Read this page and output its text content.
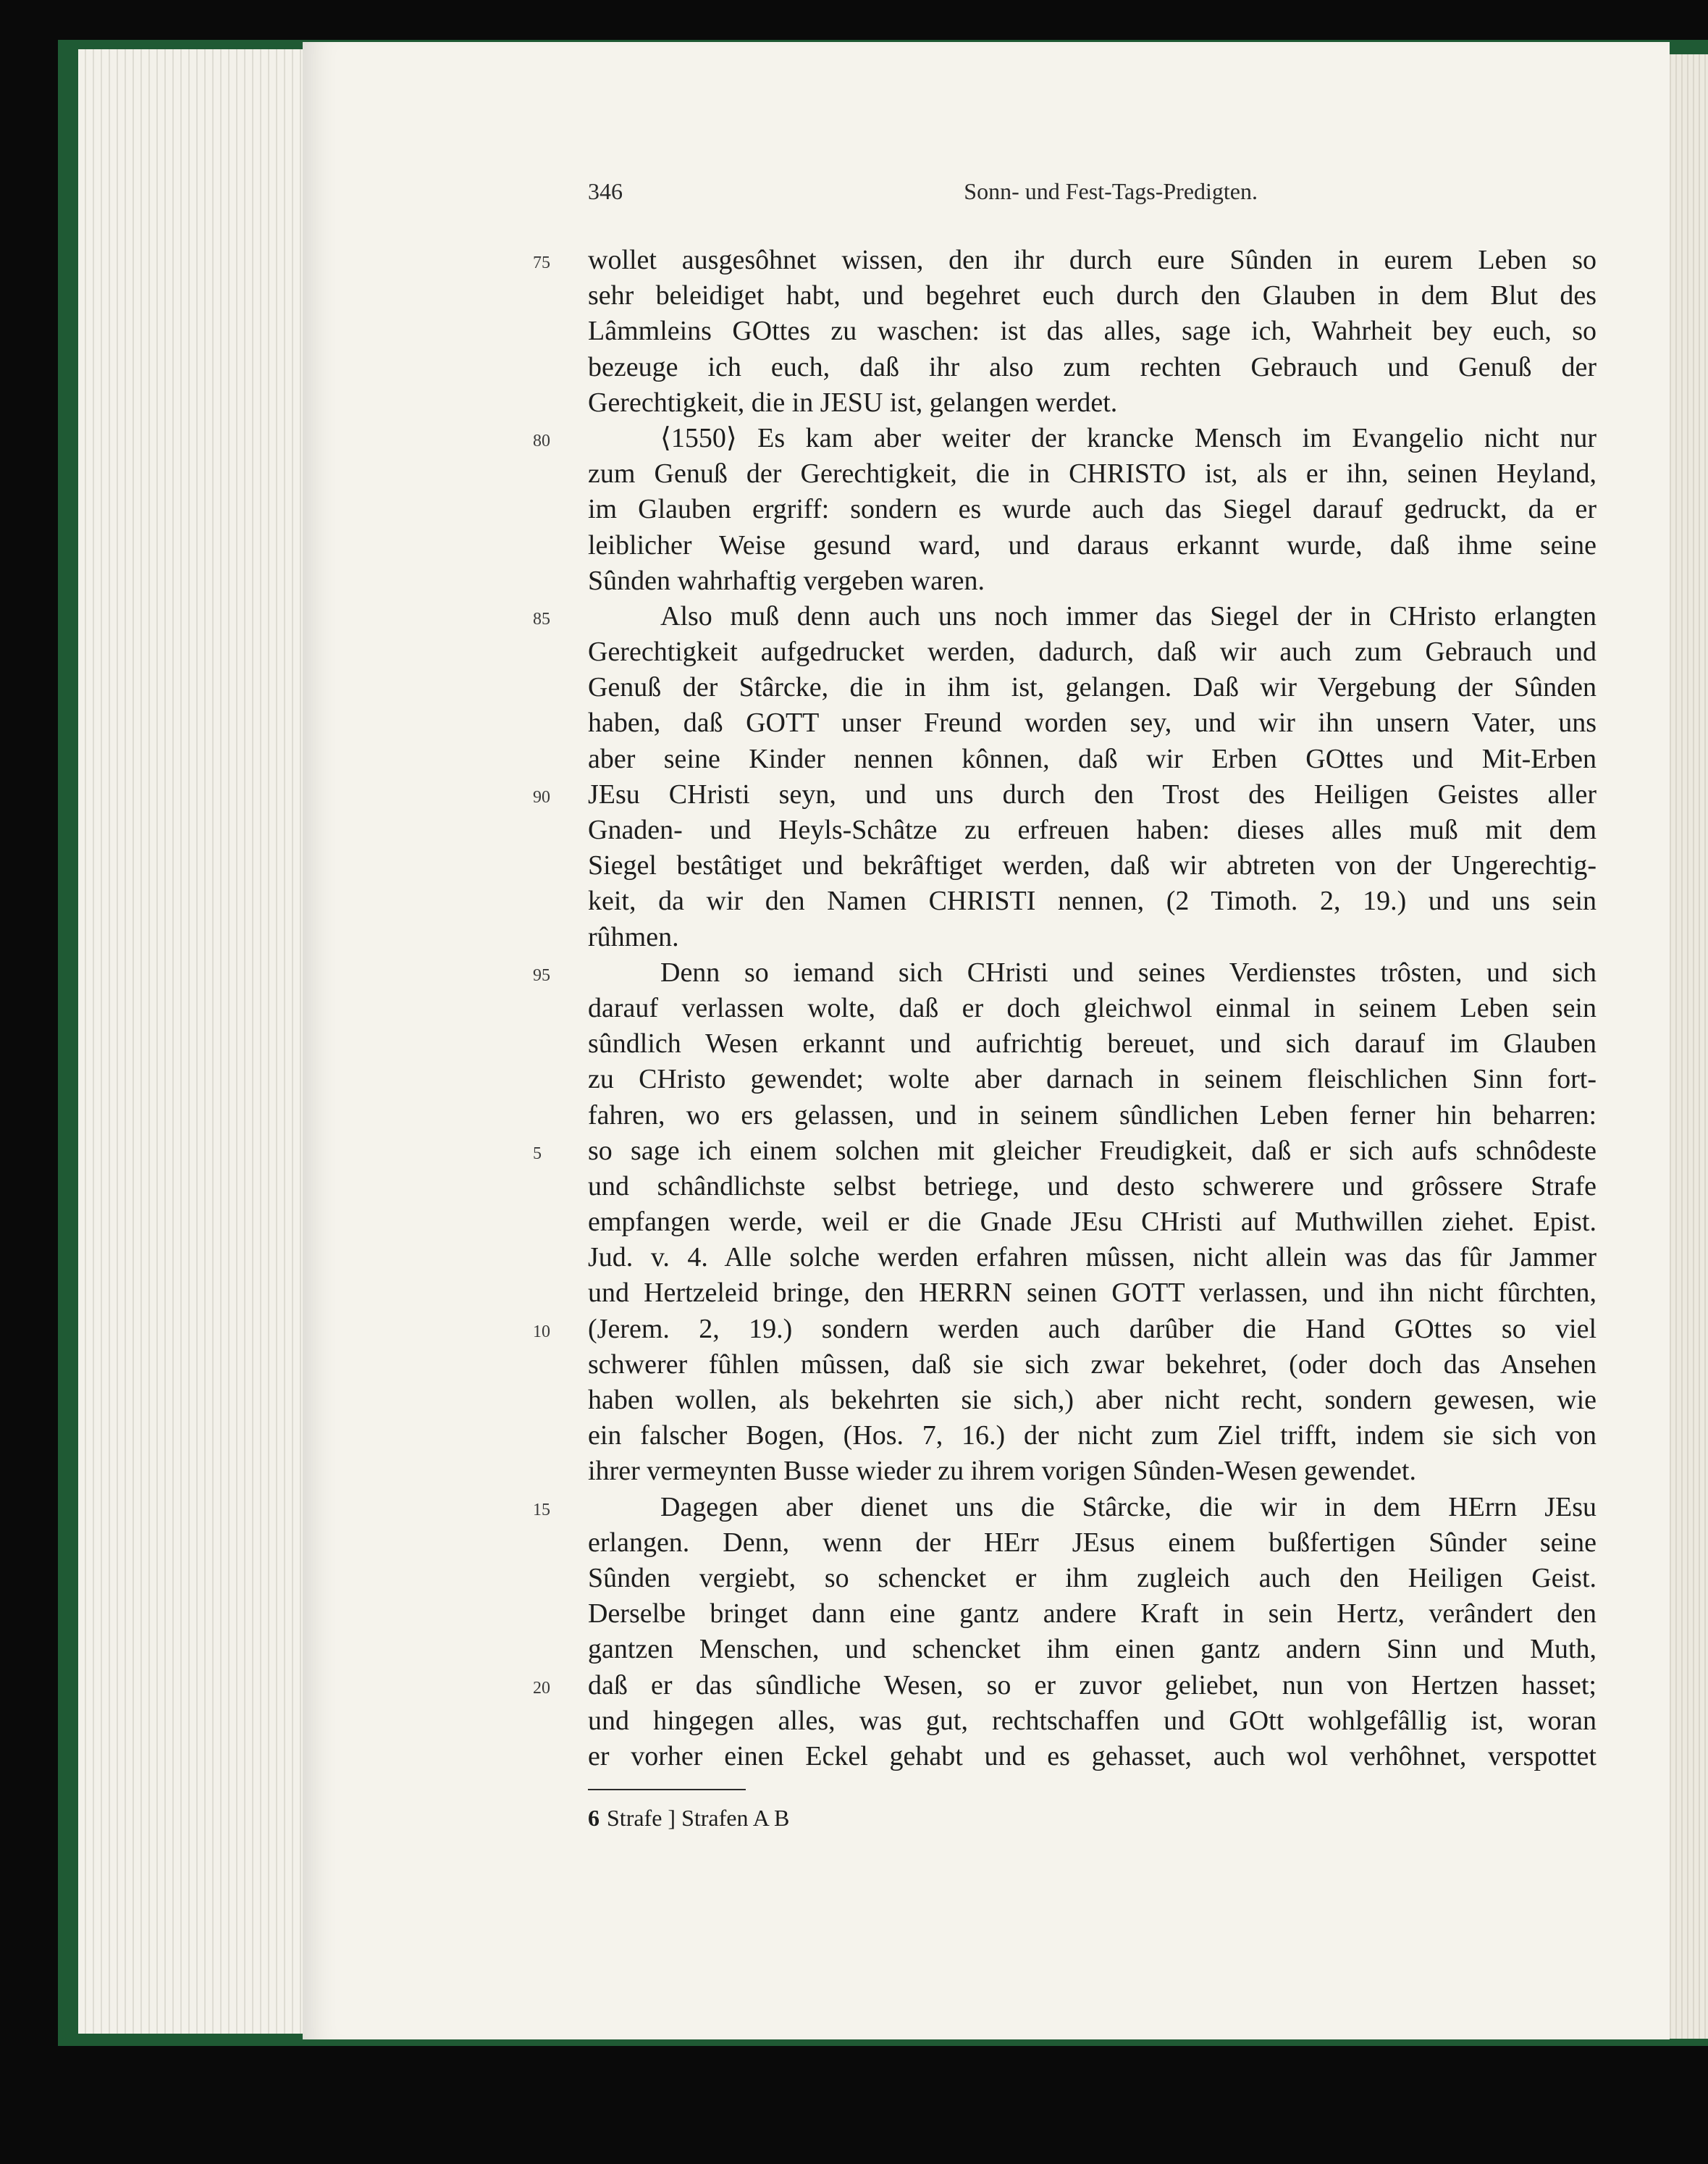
346	Sonn- und Fest-Tags-Predigten.
75	wollet ausgesôhnet wissen, den ihr durch eure Sûnden in eurem Leben so
sehr beleidiget habt, und begehret euch durch den Glauben in dem Blut des
Lâmmleins GOttes zu waschen: ist das alles, sage ich, Wahrheit bey euch, so
bezeuge ich euch, daß ihr also zum rechten Gebrauch und Genuß der
Gerechtigkeit, die in JESU ist, gelangen werdet.
80	⟨1550⟩ Es kam aber weiter der krancke Mensch im Evangelio nicht nur
zum Genuß der Gerechtigkeit, die in CHRISTO ist, als er ihn, seinen Heyland,
im Glauben ergriff: sondern es wurde auch das Siegel darauf gedruckt, da er
leiblicher Weise gesund ward, und daraus erkannt wurde, daß ihme seine
Sûnden wahrhaftig vergeben waren.
85	Also muß denn auch uns noch immer das Siegel der in CHristo erlangten
Gerechtigkeit aufgedrucket werden, dadurch, daß wir auch zum Gebrauch und
Genuß der Stârcke, die in ihm ist, gelangen. Daß wir Vergebung der Sûnden
haben, daß GOTT unser Freund worden sey, und wir ihn unsern Vater, uns
aber seine Kinder nennen kônnen, daß wir Erben GOttes und Mit-Erben
90	JEsu CHristi seyn, und uns durch den Trost des Heiligen Geistes aller
Gnaden- und Heyls-Schâtze zu erfreuen haben: dieses alles muß mit dem
Siegel bestâtiget und bekrâftiget werden, daß wir abtreten von der Ungerechtig-
keit, da wir den Namen CHRISTI nennen, (2 Timoth. 2, 19.) und uns sein
rûhmen.
95	Denn so iemand sich CHristi und seines Verdienstes trôsten, und sich
darauf verlassen wolte, daß er doch gleichwol einmal in seinem Leben sein
sûndlich Wesen erkannt und aufrichtig bereuet, und sich darauf im Glauben
zu CHristo gewendet; wolte aber darnach in seinem fleischlichen Sinn fort-
fahren, wo ers gelassen, und in seinem sûndlichen Leben ferner hin beharren:
5	so sage ich einem solchen mit gleicher Freudigkeit, daß er sich aufs schnôdeste
und schândlichste selbst betriege, und desto schwerere und grôssere Strafe
empfangen werde, weil er die Gnade JEsu CHristi auf Muthwillen ziehet. Epist.
Jud. v. 4. Alle solche werden erfahren mûssen, nicht allein was das fûr Jammer
und Hertzeleid bringe, den HERRN seinen GOTT verlassen, und ihn nicht fûrchten,
10	(Jerem. 2, 19.) sondern werden auch darûber die Hand GOttes so viel
schwerer fûhlen mûssen, daß sie sich zwar bekehret, (oder doch das Ansehen
haben wollen, als bekehrten sie sich,) aber nicht recht, sondern gewesen, wie
ein falscher Bogen, (Hos. 7, 16.) der nicht zum Ziel trifft, indem sie sich von
ihrer vermeynten Busse wieder zu ihrem vorigen Sûnden-Wesen gewendet.
15	Dagegen aber dienet uns die Stârcke, die wir in dem HErrn JEsu
erlangen. Denn, wenn der HErr JEsus einem bußfertigen Sûnder seine
Sûnden vergiebt, so schencket er ihm zugleich auch den Heiligen Geist.
Derselbe bringet dann eine gantz andere Kraft in sein Hertz, verândert den
gantzen Menschen, und schencket ihm einen gantz andern Sinn und Muth,
20	daß er das sûndliche Wesen, so er zuvor geliebet, nun von Hertzen hasset;
und hingegen alles, was gut, rechtschaffen und GOtt wohlgefâllig ist, woran
er vorher einen Eckel gehabt und es gehasset, auch wol verhôhnet, verspottet
6 Strafe ] Strafen A B
